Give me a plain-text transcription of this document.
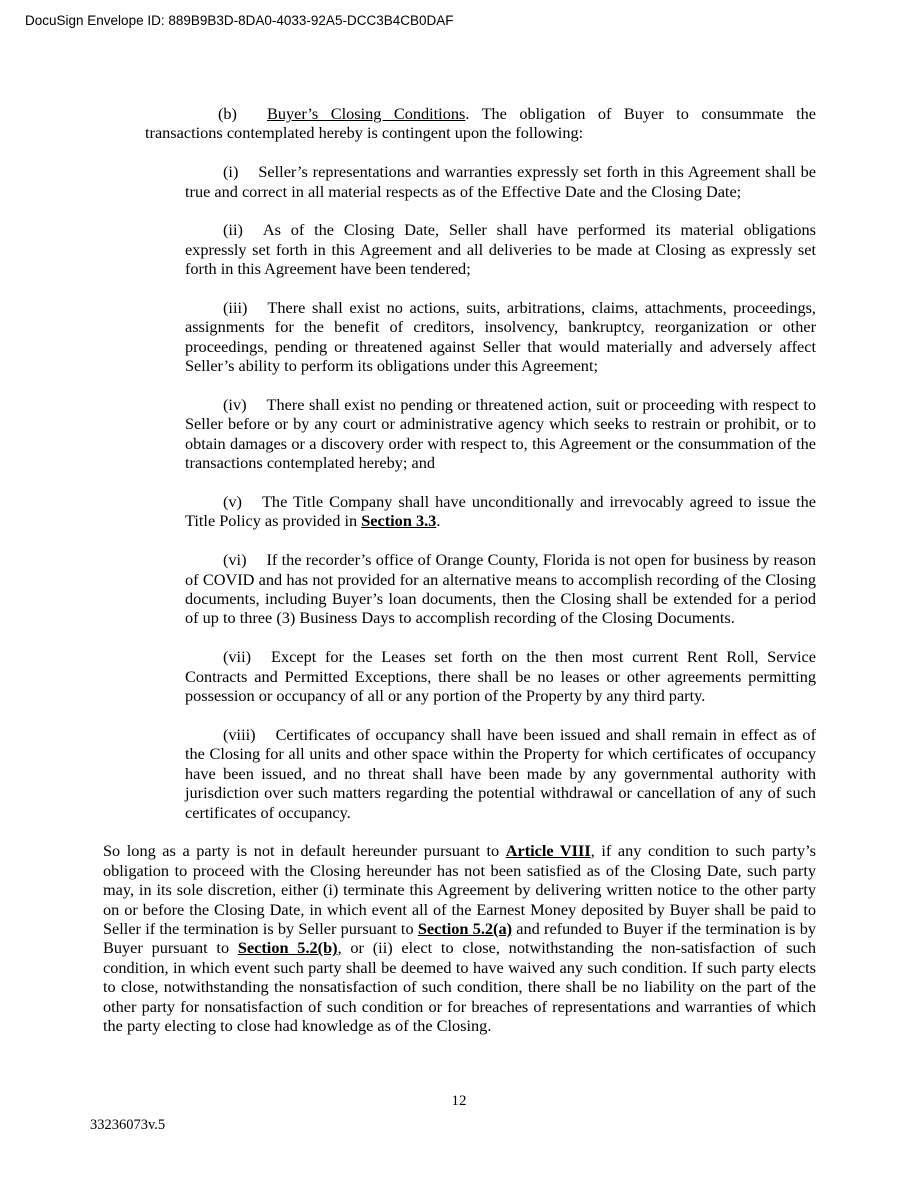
DocuSign Envelope ID: 889B9B3D-8DA0-4033-92A5-DCC3B4CB0DAF

(b) Buyer’s Closing Conditions. The obligation of Buyer to consummate the transactions contemplated hereby is contingent upon the following:

(i) Seller’s representations and warranties expressly set forth in this Agreement shall be true and correct in all material respects as of the Effective Date and the Closing Date;

(ii) As of the Closing Date, Seller shall have performed its material obligations expressly set forth in this Agreement and all deliveries to be made at Closing as expressly set forth in this Agreement have been tendered;

(iii) There shall exist no actions, suits, arbitrations, claims, attachments, proceedings, assignments for the benefit of creditors, insolvency, bankruptcy, reorganization or other proceedings, pending or threatened against Seller that would materially and adversely affect Seller’s ability to perform its obligations under this Agreement;

(iv) There shall exist no pending or threatened action, suit or proceeding with respect to Seller before or by any court or administrative agency which seeks to restrain or prohibit, or to obtain damages or a discovery order with respect to, this Agreement or the consummation of the transactions contemplated hereby; and

(v) The Title Company shall have unconditionally and irrevocably agreed to issue the Title Policy as provided in Section 3.3.

(vi) If the recorder’s office of Orange County, Florida is not open for business by reason of COVID and has not provided for an alternative means to accomplish recording of the Closing documents, including Buyer’s loan documents, then the Closing shall be extended for a period of up to three (3) Business Days to accomplish recording of the Closing Documents.

(vii) Except for the Leases set forth on the then most current Rent Roll, Service Contracts and Permitted Exceptions, there shall be no leases or other agreements permitting possession or occupancy of all or any portion of the Property by any third party.

(viii) Certificates of occupancy shall have been issued and shall remain in effect as of the Closing for all units and other space within the Property for which certificates of occupancy have been issued, and no threat shall have been made by any governmental authority with jurisdiction over such matters regarding the potential withdrawal or cancellation of any of such certificates of occupancy.

So long as a party is not in default hereunder pursuant to Article VIII, if any condition to such party’s obligation to proceed with the Closing hereunder has not been satisfied as of the Closing Date, such party may, in its sole discretion, either (i) terminate this Agreement by delivering written notice to the other party on or before the Closing Date, in which event all of the Earnest Money deposited by Buyer shall be paid to Seller if the termination is by Seller pursuant to Section 5.2(a) and refunded to Buyer if the termination is by Buyer pursuant to Section 5.2(b), or (ii) elect to close, notwithstanding the non-satisfaction of such condition, in which event such party shall be deemed to have waived any such condition. If such party elects to close, notwithstanding the nonsatisfaction of such condition, there shall be no liability on the part of the other party for nonsatisfaction of such condition or for breaches of representations and warranties of which the party electing to close had knowledge as of the Closing.

12
33236073v.5
